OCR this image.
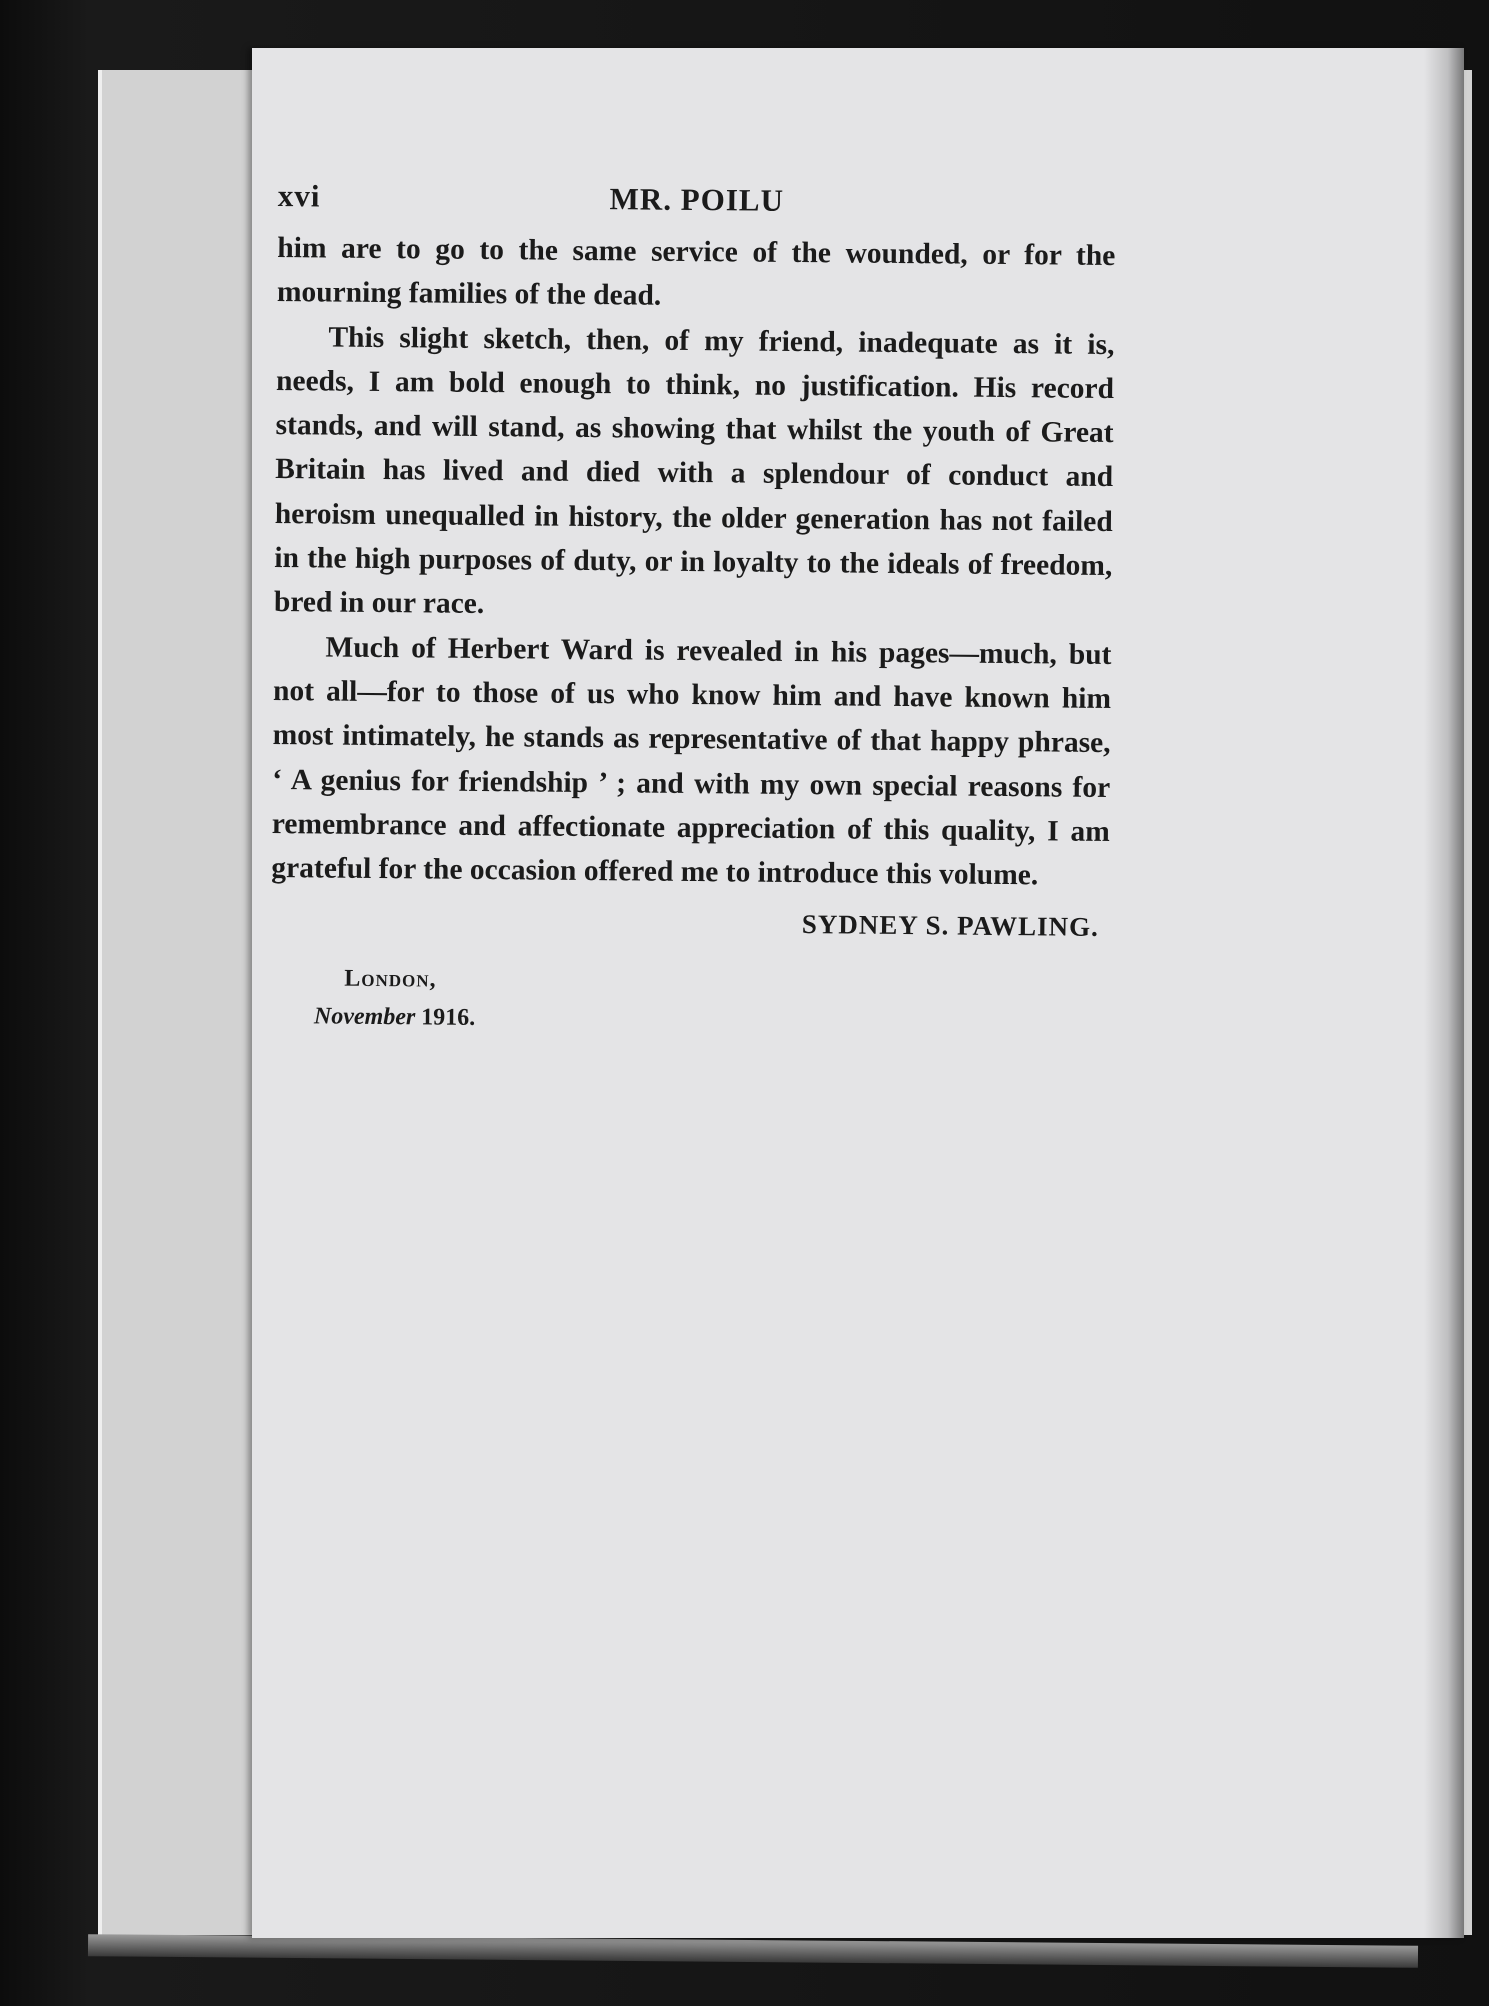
xvi	MR. POILU

him are to go to the same service of the wounded, or for the mourning families of the dead.

This slight sketch, then, of my friend, inadequate as it is, needs, I am bold enough to think, no justification. His record stands, and will stand, as showing that whilst the youth of Great Britain has lived and died with a splendour of conduct and heroism unequalled in history, the older generation has not failed in the high purposes of duty, or in loyalty to the ideals of freedom, bred in our race.

Much of Herbert Ward is revealed in his pages—much, but not all—for to those of us who know him and have known him most intimately, he stands as representative of that happy phrase, ‘ A genius for friendship ’ ; and with my own special reasons for remembrance and affectionate appreciation of this quality, I am grateful for the occasion offered me to introduce this volume.

SYDNEY S. PAWLING.
London,
November 1916.
